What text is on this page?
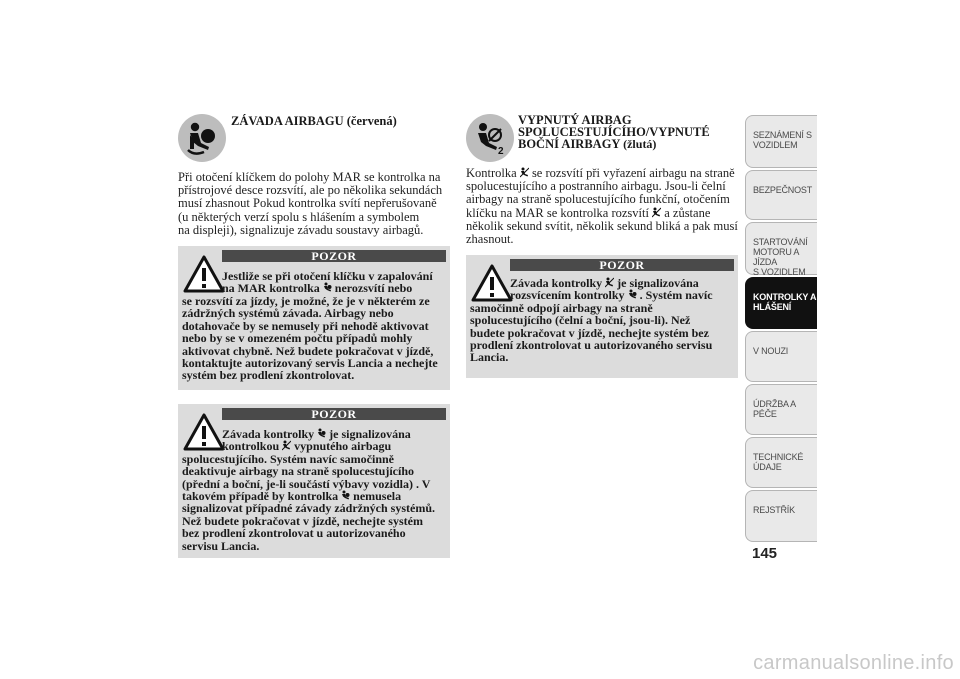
ZÁVADA AIRBAGU (červená)

Při otočení klíčkem do polohy MAR se kontrolka na

přístrojové desce rozsvítí, ale po několika sekundách

musí zhasnout Pokud kontrolka svítí nepřerušovaně

(u některých verzí spolu s hlášením a symbolem

na displeji), signalizuje závadu soustavy airbagů.

POZOR

Jestliže se při otočení klíčku v zapalování

na MAR kontrolka nerozsvítí nebo

se rozsvítí za jízdy, je možné, že je v některém ze

zádržných systémů závada. Airbagy nebo

dotahovače by se nemusely při nehodě aktivovat

nebo by se v omezeném počtu případů mohly

aktivovat chybně. Než budete pokračovat v jízdě,

kontaktujte autorizovaný servis Lancia a nechejte

systém bez prodlení zkontrolovat.

POZOR

Závada kontrolky je signalizována

kontrolkou vypnutého airbagu

spolucestujícího. Systém navíc samočinně

deaktivuje airbagy na straně spolucestujícího

(přední a boční, je-li součástí výbavy vozidla) . V

takovém případě by kontrolka nemusela

signalizovat případné závady zádržných systémů.

Než budete pokračovat v jízdě, nechejte systém

bez prodlení zkontrolovat u autorizovaného

servisu Lancia.

2
VYPNUTÝ AIRBAG
SPOLUCESTUJÍCÍHO/VYPNUTÉ
BOČNÍ AIRBAGY (žlutá)

Kontrolka se rozsvítí při vyřazení airbagu na straně

spolucestujícího a postranního airbagu. Jsou-li čelní

airbagy na straně spolucestujícího funkční, otočením

klíčku na MAR se kontrolka rozsvítí a zůstane

několik sekund svítit, několik sekund bliká a pak musí

zhasnout.

POZOR

Závada kontrolky je signalizována

rozsvícením kontrolky . Systém navíc

samočinně odpojí airbagy na straně

spolucestujícího (čelní a boční, jsou-li). Než

budete pokračovat v jízdě, nechejte systém bez

prodlení zkontrolovat u autorizovaného servisu

Lancia.

SEZNÁMENÍ S
VOZIDLEM
BEZPEČNOST
STARTOVÁNÍ
MOTORU A JÍZDA
S VOZIDLEM
KONTROLKY A
HLÁŠENÍ
V NOUZI
ÚDRŽBA A PÉČE
TECHNICKÉ
ÚDAJE
REJSTŘÍK
145
carmanualsonline.info
